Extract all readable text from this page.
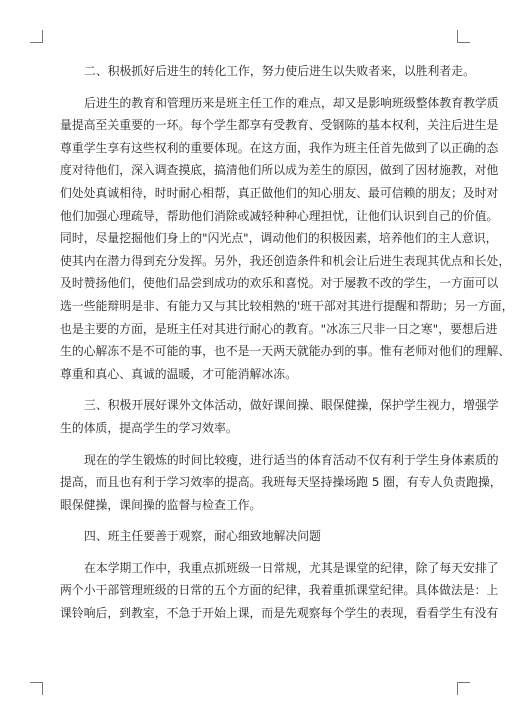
二、积极抓好后进生的转化工作，努力使后进生以失败者来，以胜利者走。

后进生的教育和管理历来是班主任工作的难点，却又是影响班级整体教育教学质
量提高至关重要的一环。每个学生都享有受教育、受钢陈的基本权利，关注后进生是
尊重学生享有这些权利的重要体现。在这方面，我作为班主任首先做到了以正确的态
度对待他们，深入调查摸底，搞清他们所以成为差生的原因，做到了因材施教，对他
们处处真诚相待，时时耐心相帮，真正做他们的知心朋友、最可信赖的朋友；及时对
他们加强心理疏导，帮助他们消除或减轻种种心理担忧，让他们认识到自己的价值。
同时，尽量挖掘他们身上的"闪光点"，调动他们的积极因素，培养他们的主人意识，
使其内在潜力得到充分发挥。另外，我还创造条件和机会让后进生表现其优点和长处，
及时赞扬他们，使他们品尝到成功的欢乐和喜悦。对于屡教不改的学生，一方面可以
选一些能辩明是非、有能力又与其比较相熟的'班干部对其进行提醒和帮助；另一方面，
也是主要的方面，是班主任对其进行耐心的教育。"冰冻三尺非一日之寒"，要想后进
生的心解冻不是不可能的事，也不是一天两天就能办到的事。惟有老师对他们的理解、
尊重和真心、真诚的温暖，才可能消解冰冻。

三、积极开展好课外文体活动，做好课间操、眼保健操，保护学生视力，增强学
生的体质，提高学生的学习效率。

现在的学生锻炼的时间比较瘦，进行适当的体育活动不仅有利于学生身体素质的
提高，而且也有利于学习效率的提高。我班每天坚持操场跑 5 圈，有专人负责跑操，
眼保健操，课间操的监督与检查工作。

四、班主任要善于观察，耐心细致地解决问题

在本学期工作中，我重点抓班级一日常规，尤其是课堂的纪律，除了每天安排了
两个小干部管理班级的日常的五个方面的纪律，我着重抓课堂纪律。具体做法是：上
课铃响后，到教室，不急于开始上课，而是先观察每个学生的表现，看看学生有没有
